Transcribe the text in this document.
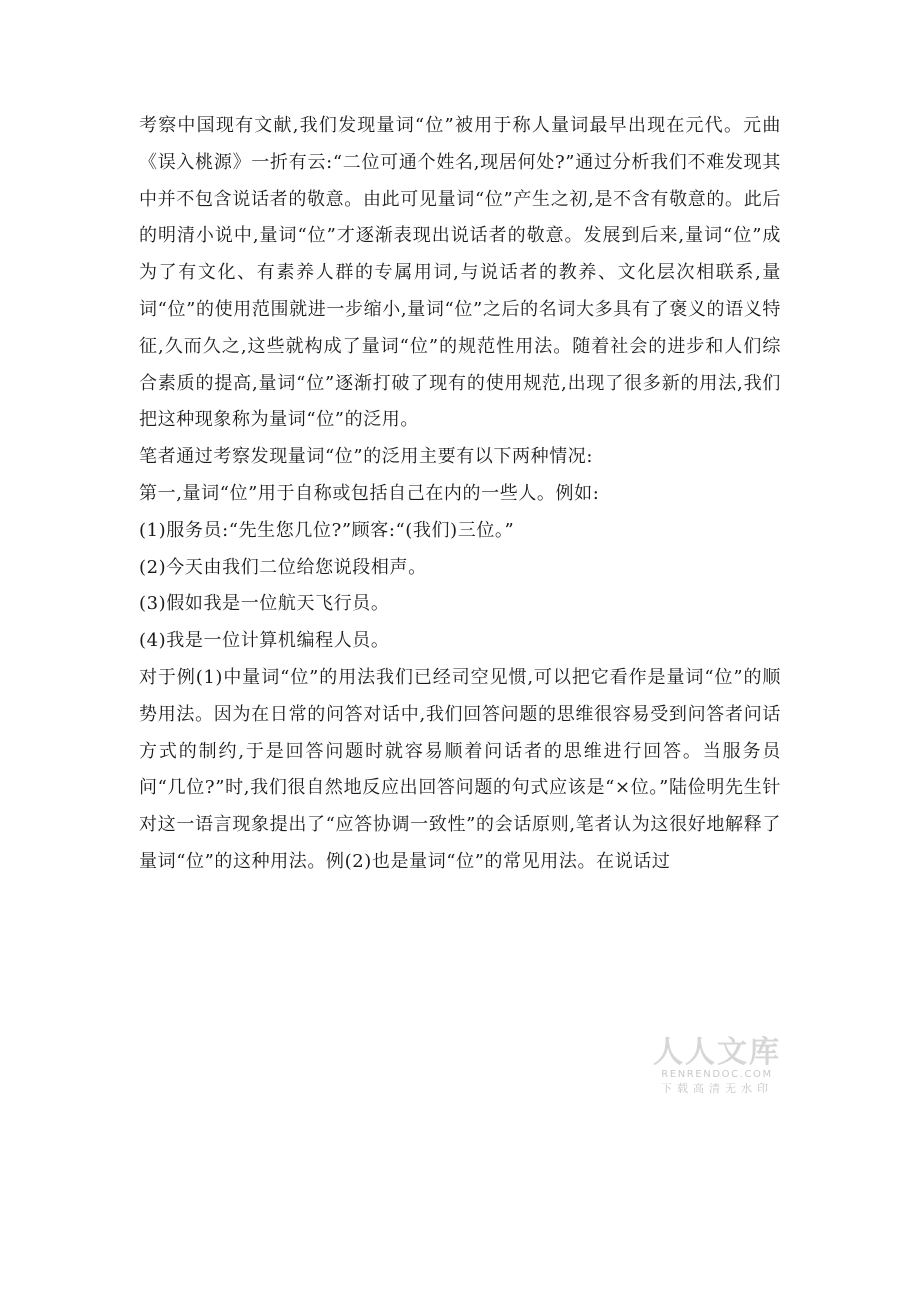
考察中国现有文献,我们发现量词“位”被用于称人量词最早出现在元代。元曲《误入桃源》一折有云:“二位可通个姓名,现居何处?”通过分析我们不难发现其中并不包含说话者的敬意。由此可见量词“位”产生之初,是不含有敬意的。此后的明清小说中,量词“位”才逐渐表现出说话者的敬意。发展到后来,量词“位”成为了有文化、有素养人群的专属用词,与说话者的教养、文化层次相联系,量词“位”的使用范围就进一步缩小,量词“位”之后的名词大多具有了褒义的语义特征,久而久之,这些就构成了量词“位”的规范性用法。随着社会的进步和人们综合素质的提高,量词“位”逐渐打破了现有的使用规范,出现了很多新的用法,我们把这种现象称为量词“位”的泛用。

笔者通过考察发现量词“位”的泛用主要有以下两种情况:

第一,量词“位”用于自称或包括自己在内的一些人。例如:

(1)服务员:“先生您几位?”顾客:“(我们)三位。”

(2)今天由我们二位给您说段相声。

(3)假如我是一位航天飞行员。

(4)我是一位计算机编程人员。

对于例(1)中量词“位”的用法我们已经司空见惯,可以把它看作是量词“位”的顺势用法。因为在日常的问答对话中,我们回答问题的思维很容易受到问答者问话方式的制约,于是回答问题时就容易顺着问话者的思维进行回答。当服务员问“几位?”时,我们很自然地反应出回答问题的句式应该是“×位。”陆俭明先生针对这一语言现象提出了“应答协调一致性”的会话原则,笔者认为这很好地解释了量词“位”的这种用法。例(2)也是量词“位”的常见用法。在说话过

人人文库
RENRENDOC.COM
下载高清无水印
